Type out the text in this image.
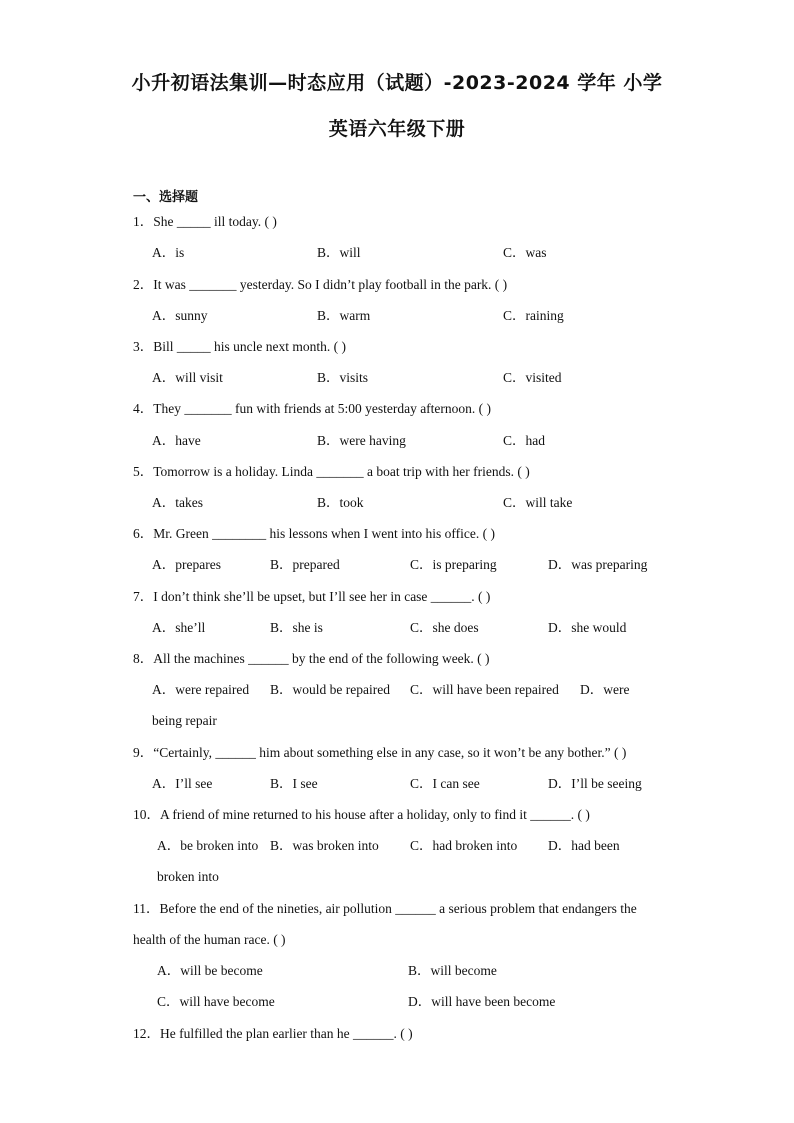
小升初语法集训—时态应用（试题）-2023-2024 学年 小学
英语六年级下册
一、选择题
1．She _____ ill today. ( )
A．is	B．will	C．was
2．It was _______ yesterday. So I didn’t play football in the park. ( )
A．sunny	B．warm	C．raining
3．Bill _____ his uncle next month. ( )
A．will visit	B．visits	C．visited
4．They _______ fun with friends at 5:00 yesterday afternoon. ( )
A．have	B．were having	C．had
5．Tomorrow is a holiday. Linda _______ a boat trip with her friends. ( )
A．takes	B．took	C．will take
6．Mr. Green ________ his lessons when I went into his office. ( )
A．prepares	B．prepared	C．is preparing	D．was preparing
7．I don’t think she’ll be upset, but I’ll see her in case ______. ( )
A．she’ll	B．she is	C．she does	D．she would
8．All the machines ______ by the end of the following week. ( )
A．were repaired B．would be repaired C．will have been repaired D．were
being repair
9．“Certainly, ______ him about something else in any case, so it won’t be any bother.” ( )
A．I’ll see	B．I see	C．I can see	D．I’ll be seeing
10．A friend of mine returned to his house after a holiday, only to find it ______. ( )
A．be broken into B．was broken into C．had broken into D．had been
broken into
11．Before the end of the nineties, air pollution ______ a serious problem that endangers the
health of the human race. ( )
A．will be become	B．will become
C．will have become	D．will have been become
12．He fulfilled the plan earlier than he ______. ( )
